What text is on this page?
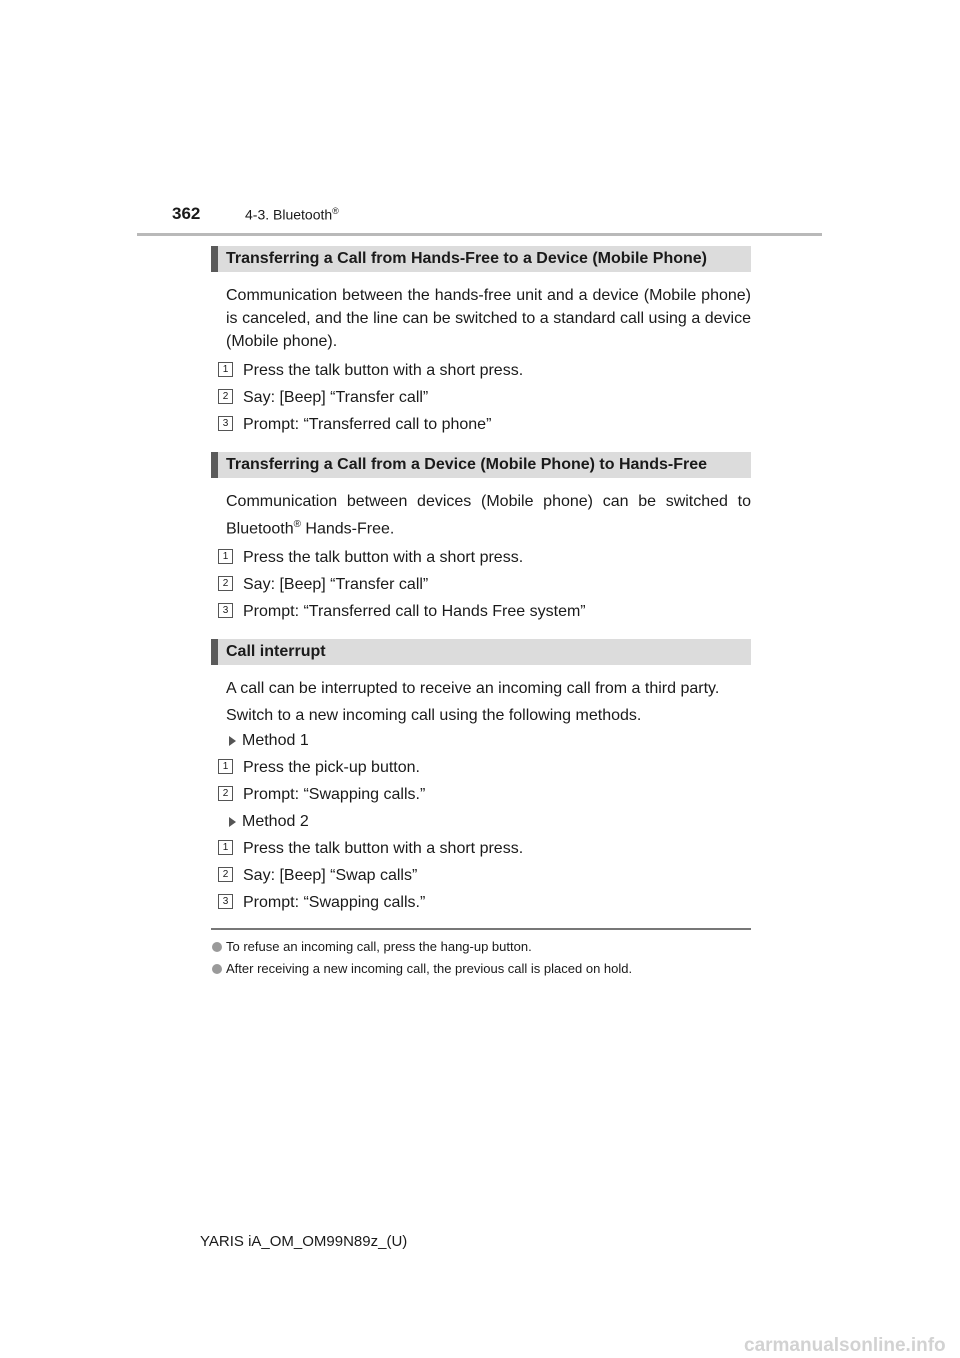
362	4-3. Bluetooth®
Transferring a Call from Hands-Free to a Device (Mobile Phone)
Communication between the hands-free unit and a device (Mobile phone) is canceled, and the line can be switched to a standard call using a device (Mobile phone).
1 Press the talk button with a short press.
2 Say: [Beep] “Transfer call”
3 Prompt: “Transferred call to phone”
Transferring a Call from a Device (Mobile Phone) to Hands-Free
Communication between devices (Mobile phone) can be switched to Bluetooth® Hands-Free.
1 Press the talk button with a short press.
2 Say: [Beep] “Transfer call”
3 Prompt: “Transferred call to Hands Free system”
Call interrupt
A call can be interrupted to receive an incoming call from a third party.
Switch to a new incoming call using the following methods.
Method 1
1 Press the pick-up button.
2 Prompt: “Swapping calls.”
Method 2
1 Press the talk button with a short press.
2 Say: [Beep] “Swap calls”
3 Prompt: “Swapping calls.”
To refuse an incoming call, press the hang-up button.
After receiving a new incoming call, the previous call is placed on hold.
YARIS iA_OM_OM99N89z_(U)
carmanualsonline.info
